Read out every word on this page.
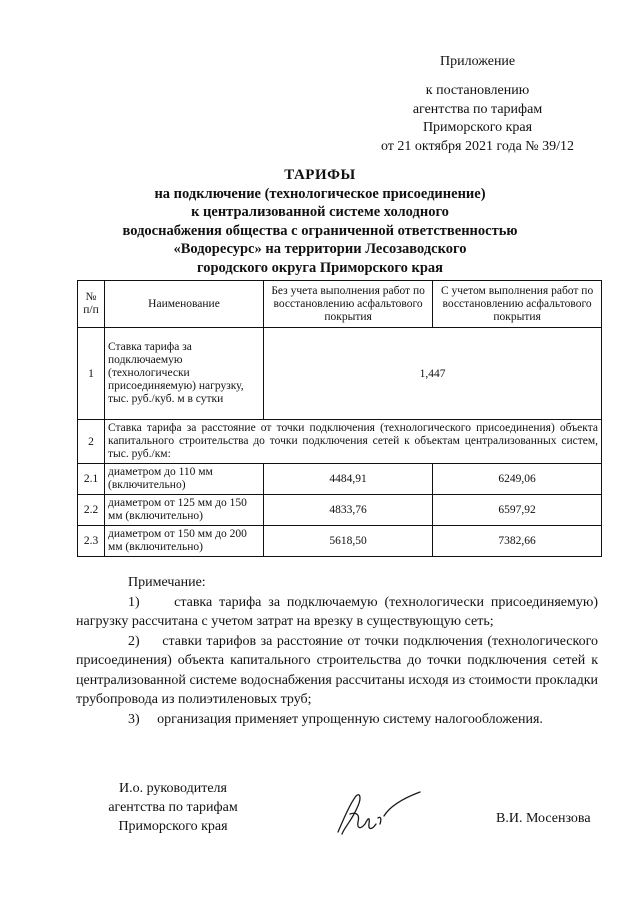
Приложение
к постановлению
агентства по тарифам
Приморского края
от 21 октября 2021 года № 39/12
ТАРИФЫ
на подключение (технологическое присоединение)
к централизованной системе холодного
водоснабжения общества с ограниченной ответственностью
«Водоресурс» на территории Лесозаводского
городского округа Приморского края
№ п/п	Наименование	Без учета выполнения работ по восстановлению асфальтового покрытия	С учетом выполнения работ по восстановлению асфальтового покрытия
1	Ставка тарифа за подключаемую (технологически присоединяемую) нагрузку, тыс. руб./куб. м в сутки	1,447	
2	Ставка тарифа за расстояние от точки подключения (технологического присоединения) объекта капитального строительства до точки подключения сетей к объектам централизованных систем, тыс. руб./км:		
2.1	диаметром до 110 мм (включительно)	4484,91	6249,06
2.2	диаметром от 125 мм до 150 мм (включительно)	4833,76	6597,92
2.3	диаметром от 150 мм до 200 мм (включительно)	5618,50	7382,66

Примечание:

1)     ставка тарифа за подключаемую (технологически присоединяемую) нагрузку рассчитана с учетом затрат на врезку в существующую сеть;

2)     ставки тарифов за расстояние от точки подключения (технологического присоединения) объекта капитального строительства до точки подключения сетей к централизованной системе водоснабжения рассчитаны исходя из стоимости прокладки трубопровода из полиэтиленовых труб;

3)     организация применяет упрощенную систему налогообложения.

И.о. руководителя
агентства по тарифам
Приморского края
В.И. Мосензова
